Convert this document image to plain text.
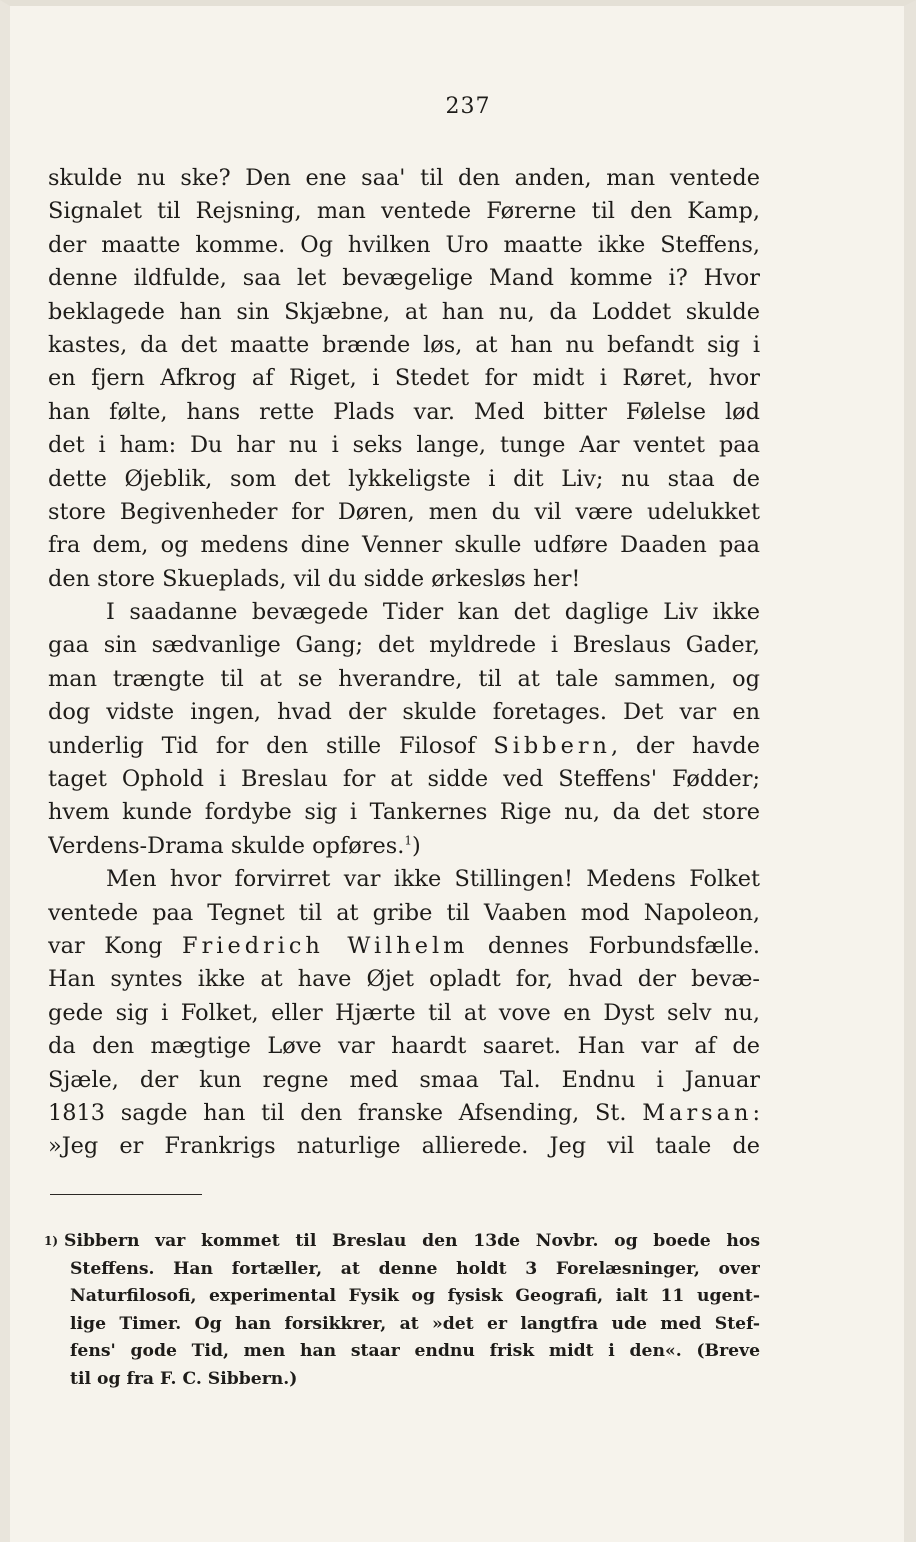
237
skulde nu ske? Den ene saa' til den anden, man ventede
Signalet til Rejsning, man ventede Førerne til den Kamp,
der maatte komme. Og hvilken Uro maatte ikke Steffens,
denne ildfulde, saa let bevægelige Mand komme i? Hvor
beklagede han sin Skjæbne, at han nu, da Loddet skulde
kastes, da det maatte brænde løs, at han nu befandt sig i
en fjern Afkrog af Riget, i Stedet for midt i Røret, hvor
han følte, hans rette Plads var. Med bitter Følelse lød
det i ham: Du har nu i seks lange, tunge Aar ventet paa
dette Øjeblik, som det lykkeligste i dit Liv; nu staa de
store Begivenheder for Døren, men du vil være udelukket
fra dem, og medens dine Venner skulle udføre Daaden paa
den store Skueplads, vil du sidde ørkesløs her!
I saadanne bevægede Tider kan det daglige Liv ikke
gaa sin sædvanlige Gang; det myldrede i Breslaus Gader,
man trængte til at se hverandre, til at tale sammen, og
dog vidste ingen, hvad der skulde foretages. Det var en
underlig Tid for den stille Filosof Sibbern, der havde
taget Ophold i Breslau for at sidde ved Steffens' Fødder;
hvem kunde fordybe sig i Tankernes Rige nu, da det store
Verdens-Drama skulde opføres.$^1$)
Men hvor forvirret var ikke Stillingen! Medens Folket
ventede paa Tegnet til at gribe til Vaaben mod Napoleon,
var Kong Friedrich Wilhelm dennes Forbundsfælle.
Han syntes ikke at have Øjet opladt for, hvad der bevæ-
gede sig i Folket, eller Hjærte til at vove en Dyst selv nu,
da den mægtige Løve var haardt saaret. Han var af de
Sjæle, der kun regne med smaa Tal. Endnu i Januar
1813 sagde han til den franske Afsending, St. Marsan:
»Jeg er Frankrigs naturlige allierede. Jeg vil taale de
$^{1)}$ Sibbern var kommet til Breslau den 13de Novbr. og boede hos
Steffens. Han fortæller, at denne holdt 3 Forelæsninger, over
Naturfilosofi, experimental Fysik og fysisk Geografi, ialt 11 ugent-
lige Timer. Og han forsikkrer, at »det er langtfra ude med Stef-
fens' gode Tid, men han staar endnu frisk midt i den«. (Breve
til og fra F. C. Sibbern.)
